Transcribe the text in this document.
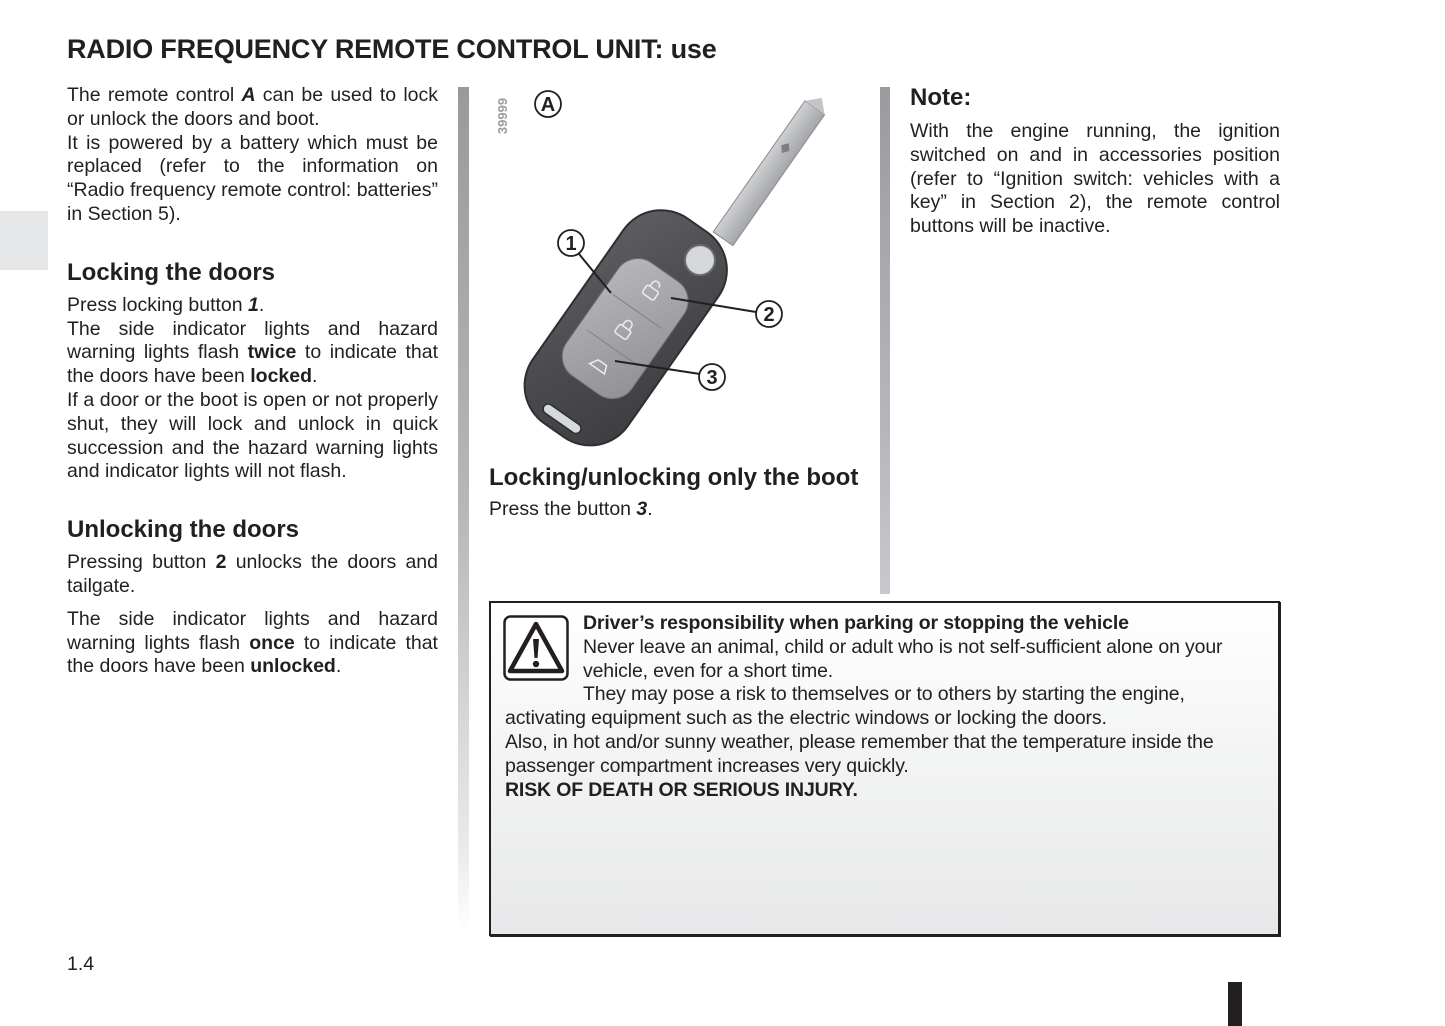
RADIO FREQUENCY REMOTE CONTROL UNIT: use

The remote control A can be used to lock or unlock the doors and boot.

It is powered by a battery which must be replaced (refer to the information on “Radio frequency remote control: batteries” in Section 5).

Locking the doors

Press locking button 1.

The side indicator lights and hazard warning lights flash twice to indicate that the doors have been locked.

If a door or the boot is open or not properly shut, they will lock and unlock in quick succession and the hazard warning lights and indicator lights will not flash.

Unlocking the doors

Pressing button 2 unlocks the doors and tailgate.

The side indicator lights and hazard warning lights flash once to indicate that the doors have been unlocked.

39999 A
1
2
3
Locking/unlocking only the boot

Press the button 3.

Note:

With the engine running, the ignition switched on and in accessories position (refer to “Ignition switch: vehicles with a key” in Section 2), the remote control buttons will be inactive.

Driver’s responsibility when parking or stopping the vehicle

Never leave an animal, child or adult who is not self-sufficient alone on your vehicle, even for a short time.

They may pose a risk to themselves or to others by starting the engine, activating equipment such as the electric windows or locking the doors.

Also, in hot and/or sunny weather, please remember that the temperature inside the passenger compartment increases very quickly.

RISK OF DEATH OR SERIOUS INJURY.

1.4
